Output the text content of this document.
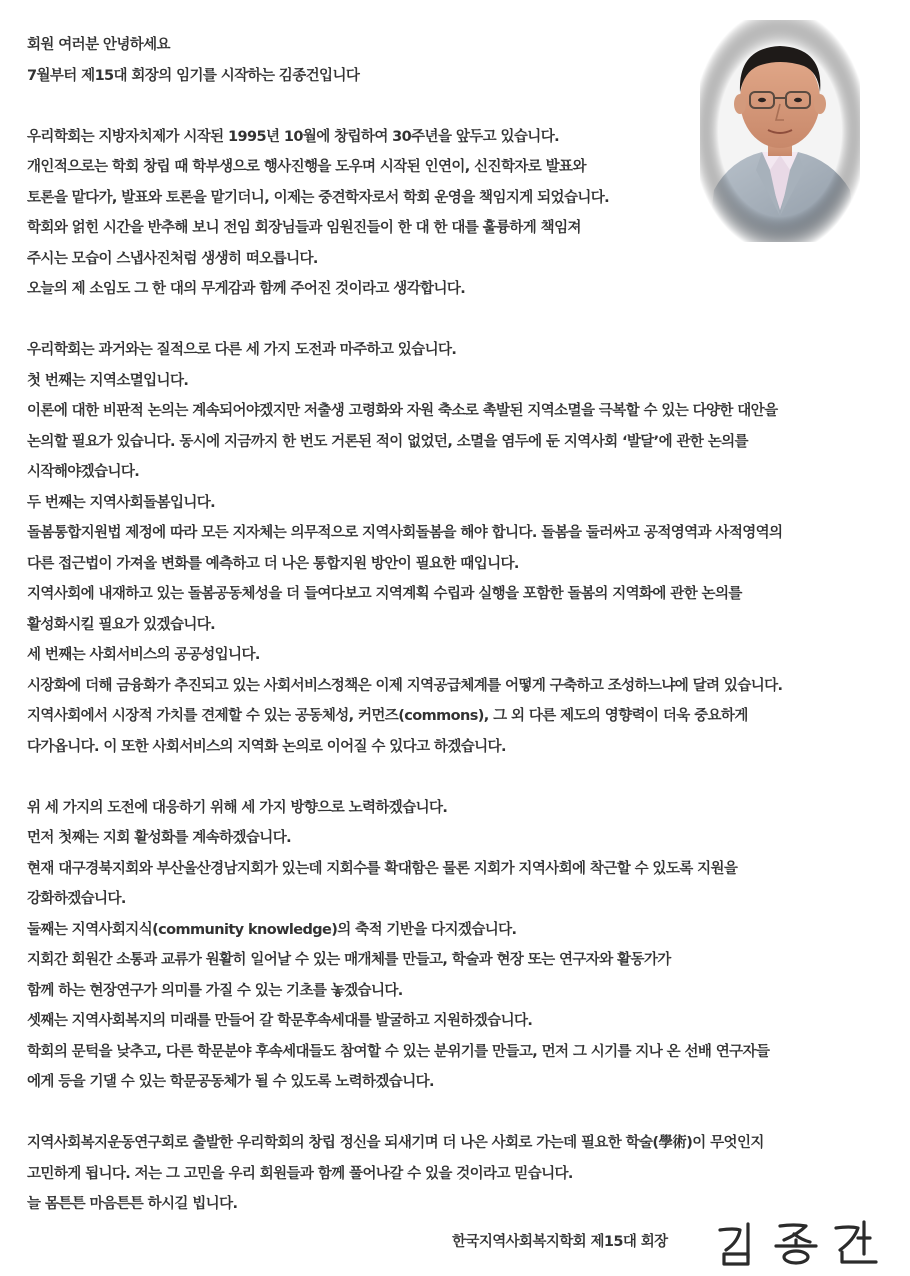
회원 여러분 안녕하세요
7월부터 제15대 회장의 임기를 시작하는 김종건입니다
우리학회는 지방자치제가 시작된 1995년 10월에 창립하여 30주년을 앞두고 있습니다.
개인적으로는 학회 창립 때 학부생으로 행사진행을 도우며 시작된 인연이, 신진학자로 발표와
토론을 맡다가, 발표와 토론을 맡기더니, 이제는 중견학자로서 학회 운영을 책임지게 되었습니다.
학회와 얽힌 시간을 반추해 보니 전임 회장님들과 임원진들이 한 대 한 대를 훌륭하게 책임져
주시는 모습이 스냅사진처럼 생생히 떠오릅니다.
오늘의 제 소임도 그 한 대의 무게감과 함께 주어진 것이라고 생각합니다.
우리학회는 과거와는 질적으로 다른 세 가지 도전과 마주하고 있습니다.
첫 번째는 지역소멸입니다.
이론에 대한 비판적 논의는 계속되어야겠지만 저출생 고령화와 자원 축소로 촉발된 지역소멸을 극복할 수 있는 다양한 대안을
논의할 필요가 있습니다. 동시에 지금까지 한 번도 거론된 적이 없었던, 소멸을 염두에 둔 지역사회 ‘발달’에 관한 논의를
시작해야겠습니다.
두 번째는 지역사회돌봄입니다.
돌봄통합지원법 제정에 따라 모든 지자체는 의무적으로 지역사회돌봄을 해야 합니다. 돌봄을 둘러싸고 공적영역과 사적영역의
다른 접근법이 가져올 변화를 예측하고 더 나은 통합지원 방안이 필요한 때입니다.
지역사회에 내재하고 있는 돌봄공동체성을 더 들여다보고 지역계획 수립과 실행을 포함한 돌봄의 지역화에 관한 논의를
활성화시킬 필요가 있겠습니다.
세 번째는 사회서비스의 공공성입니다.
시장화에 더해 금융화가 추진되고 있는 사회서비스정책은 이제 지역공급체계를 어떻게 구축하고 조성하느냐에 달려 있습니다.
지역사회에서 시장적 가치를 견제할 수 있는 공동체성, 커먼즈(commons), 그 외 다른 제도의 영향력이 더욱 중요하게
다가옵니다. 이 또한 사회서비스의 지역화 논의로 이어질 수 있다고 하겠습니다.
위 세 가지의 도전에 대응하기 위해 세 가지 방향으로 노력하겠습니다.
먼저 첫째는 지회 활성화를 계속하겠습니다.
현재 대구경북지회와 부산울산경남지회가 있는데 지회수를 확대함은 물론 지회가 지역사회에 착근할 수 있도록 지원을
강화하겠습니다.
둘째는 지역사회지식(community knowledge)의 축적 기반을 다지겠습니다.
지회간 회원간 소통과 교류가 원활히 일어날 수 있는 매개체를 만들고, 학술과 현장 또는 연구자와 활동가가
함께 하는 현장연구가 의미를 가질 수 있는 기초를 놓겠습니다.
셋째는 지역사회복지의 미래를 만들어 갈 학문후속세대를 발굴하고 지원하겠습니다.
학회의 문턱을 낮추고, 다른 학문분야 후속세대들도 참여할 수 있는 분위기를 만들고, 먼저 그 시기를 지나 온 선배 연구자들
에게 등을 기댈 수 있는 학문공동체가 될 수 있도록 노력하겠습니다.
지역사회복지운동연구회로 출발한 우리학회의 창립 정신을 되새기며 더 나은 사회로 가는데 필요한 학술(學術)이 무엇인지
고민하게 됩니다. 저는 그 고민을 우리 회원들과 함께 풀어나갈 수 있을 것이라고 믿습니다.
늘 몸튼튼 마음튼튼 하시길 빕니다.
한국지역사회복지학회 제15대 회장
